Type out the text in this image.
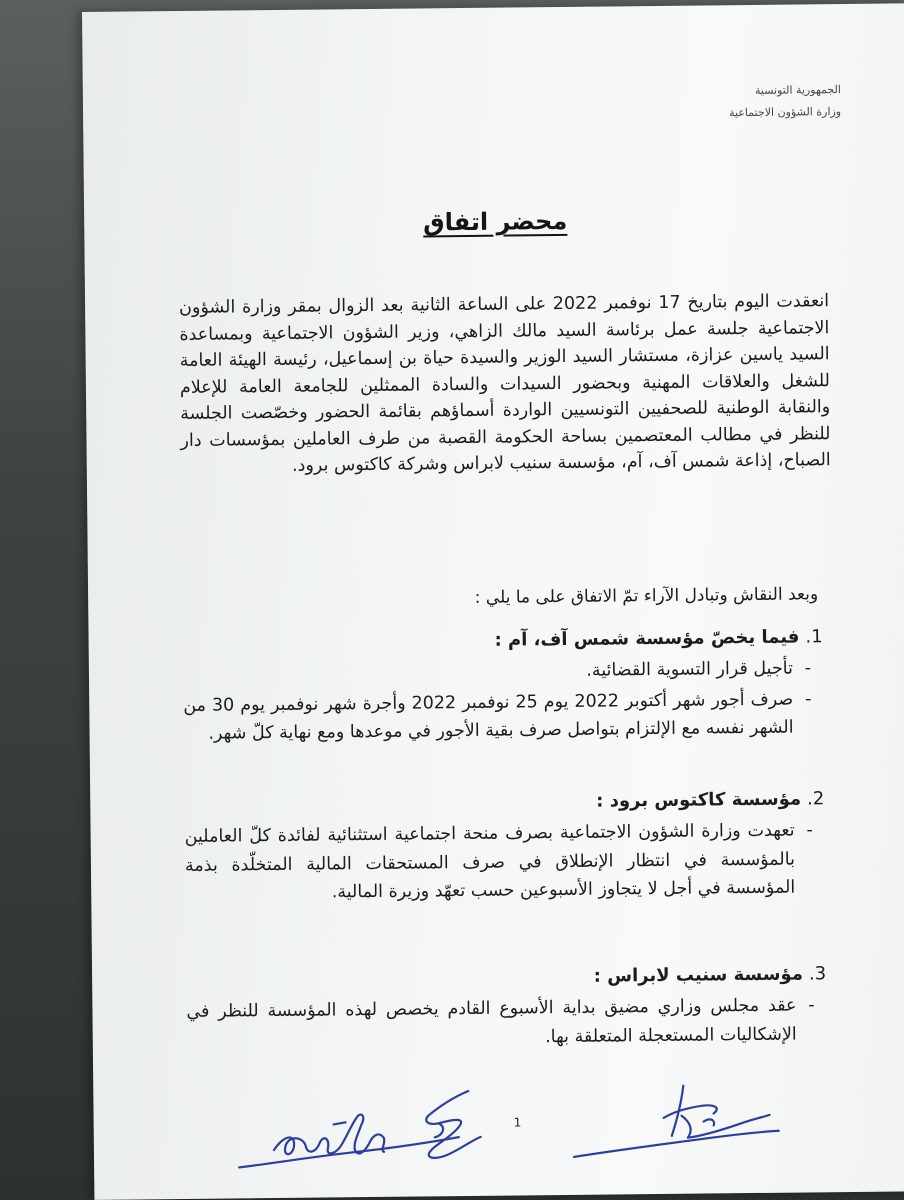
الجمهورية التونسية
وزارة الشؤون الاجتماعية
محضر اتفاق

انعقدت اليوم بتاريخ 17 نوفمبر 2022 على الساعة الثانية بعد الزوال بمقر وزارة الشؤون الاجتماعية جلسة عمل برئاسة السيد مالك الزاهي، وزير الشؤون الاجتماعية وبمساعدة السيد ياسين عزازة، مستشار السيد الوزير والسيدة حياة بن إسماعيل، رئيسة الهيئة العامة للشغل والعلاقات المهنية وبحضور السيدات والسادة الممثلين للجامعة العامة للإعلام والنقابة الوطنية للصحفيين التونسيين الواردة أسماؤهم بقائمة الحضور وخصّصت الجلسة للنظر في مطالب المعتصمين بساحة الحكومة القصبة من طرف العاملين بمؤسسات دار الصباح، إذاعة شمس آف، آم، مؤسسة سنيب لابراس وشركة كاكتوس برود.

وبعد النقاش وتبادل الآراء تمّ الاتفاق على ما يلي :
1.فيما يخصّ مؤسسة شمس آف، آم :
-
تأجيل قرار التسوية القضائية.
-
صرف أجور شهر أكتوبر 2022 يوم 25 نوفمبر 2022 وأجرة شهر نوفمبر يوم 30 من الشهر نفسه مع الإلتزام بتواصل صرف بقية الأجور في موعدها ومع نهاية كلّ شهر.
2.مؤسسة كاكتوس برود :
-
تعهدت وزارة الشؤون الاجتماعية بصرف منحة اجتماعية استثنائية لفائدة كلّ العاملين بالمؤسسة في انتظار الإنطلاق في صرف المستحقات المالية المتخلّدة بذمة المؤسسة في أجل لا يتجاوز الأسبوعين حسب تعهّد وزيرة المالية.
3.مؤسسة سنيب لابراس :
-
عقد مجلس وزاري مضيق بداية الأسبوع القادم يخصص لهذه المؤسسة للنظر في الإشكاليات المستعجلة المتعلقة بها.
1
